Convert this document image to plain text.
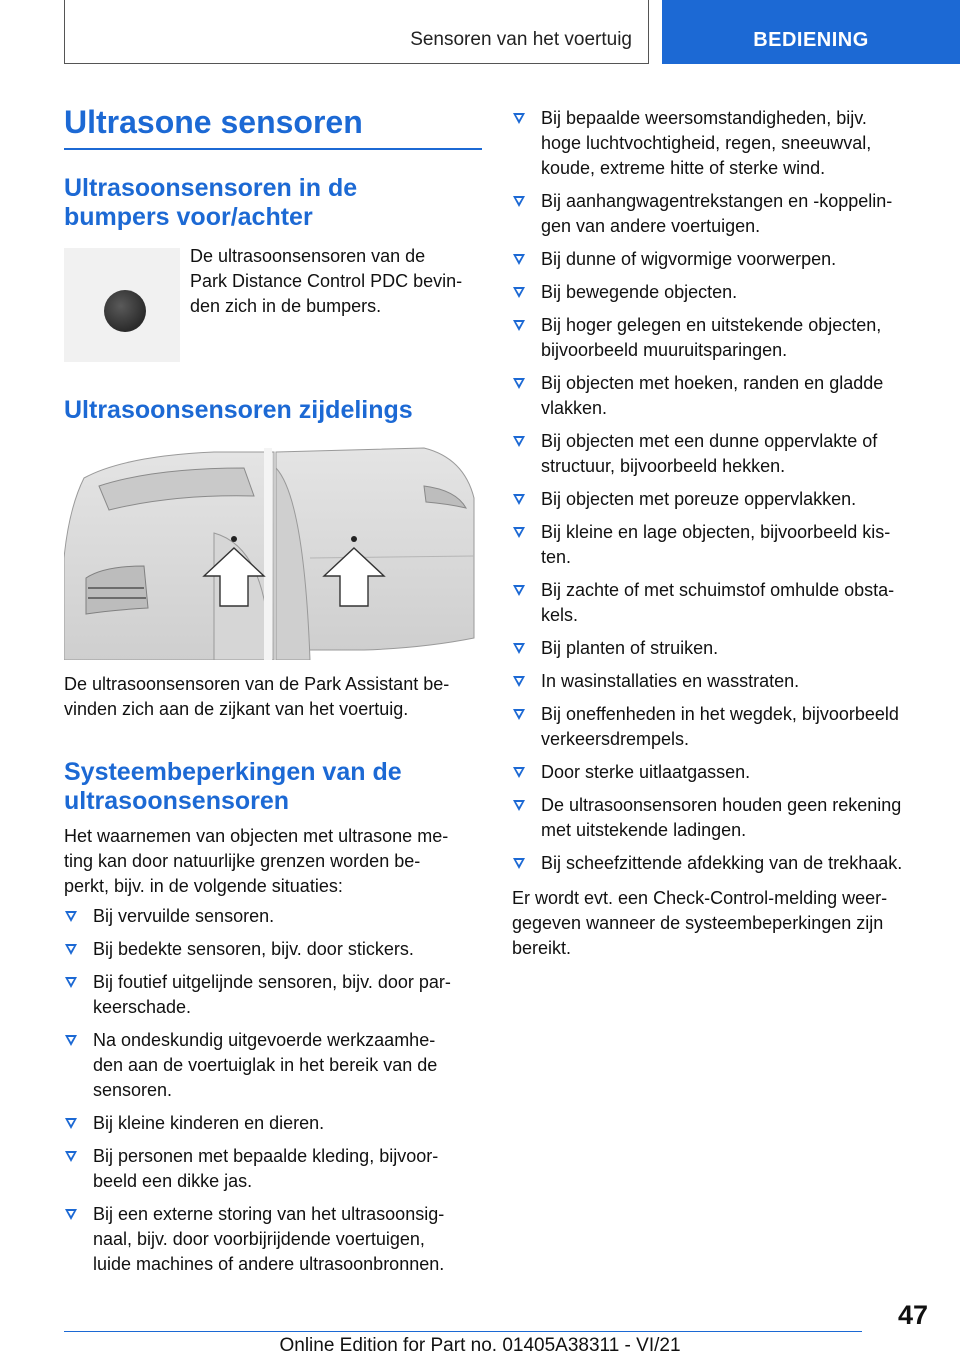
Sensoren van het voertuig	BEDIENING
Ultrasone sensoren
Ultrasoonsensoren in de
bumpers voor/achter

De ultrasoonsensoren van de
Park Distance Control PDC bevin-
den zich in de bumpers.

Ultrasoonsensoren zijdelings

De ultrasoonsensoren van de Park Assistant be-
vinden zich aan de zijkant van het voertuig.

Systeembeperkingen van de
ultrasoonsensoren

Het waarnemen van objecten met ultrasone me-
ting kan door natuurlijke grenzen worden be-
perkt, bijv. in de volgende situaties:

Bij vervuilde sensoren.
Bij bedekte sensoren, bijv. door stickers.
Bij foutief uitgelijnde sensoren, bijv. door par-
keerschade.
Na ondeskundig uitgevoerde werkzaamhe-
den aan de voertuiglak in het bereik van de
sensoren.
Bij kleine kinderen en dieren.
Bij personen met bepaalde kleding, bijvoor-
beeld een dikke jas.
Bij een externe storing van het ultrasoonsig-
naal, bijv. door voorbijrijdende voertuigen,
luide machines of andere ultrasoonbronnen.
Bij bepaalde weersomstandigheden, bijv.
hoge luchtvochtigheid, regen, sneeuwval,
koude, extreme hitte of sterke wind.
Bij aanhangwagentrekstangen en -koppelin-
gen van andere voertuigen.
Bij dunne of wigvormige voorwerpen.
Bij bewegende objecten.
Bij hoger gelegen en uitstekende objecten,
bijvoorbeeld muuruitsparingen.
Bij objecten met hoeken, randen en gladde
vlakken.
Bij objecten met een dunne oppervlakte of
structuur, bijvoorbeeld hekken.
Bij objecten met poreuze oppervlakken.
Bij kleine en lage objecten, bijvoorbeeld kis-
ten.
Bij zachte of met schuimstof omhulde obsta-
kels.
Bij planten of struiken.
In wasinstallaties en wasstraten.
Bij oneffenheden in het wegdek, bijvoorbeeld
verkeersdrempels.
Door sterke uitlaatgassen.
De ultrasoonsensoren houden geen rekening
met uitstekende ladingen.
Bij scheefzittende afdekking van de trekhaak.

Er wordt evt. een Check-Control-melding weer-
gegeven wanneer de systeembeperkingen zijn
bereikt.

47
Online Edition for Part no. 01405A38311 - VI/21
